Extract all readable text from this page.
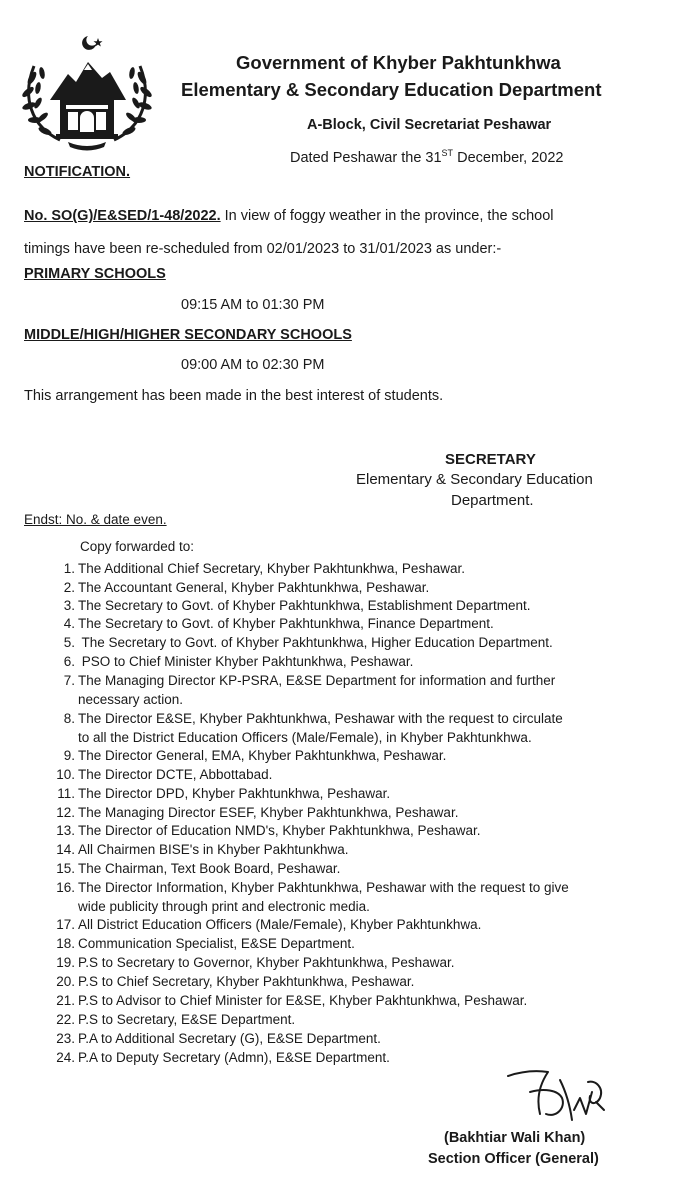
Government of Khyber Pakhtunkhwa
Elementary & Secondary Education Department
A-Block, Civil Secretariat Peshawar
Dated Peshawar the 31ST December, 2022
NOTIFICATION.
No. SO(G)/E&SED/1-48/2022. In view of foggy weather in the province, the school
timings have been re-scheduled from 02/01/2023 to 31/01/2023 as under:-
PRIMARY SCHOOLS
09:15 AM to 01:30 PM
MIDDLE/HIGH/HIGHER SECONDARY SCHOOLS
09:00 AM to 02:30 PM
This arrangement has been made in the best interest of students.
SECRETARY
Elementary & Secondary Education
Department.
Endst: No. & date even.
Copy forwarded to:
1. The Additional Chief Secretary, Khyber Pakhtunkhwa, Peshawar.
2. The Accountant General, Khyber Pakhtunkhwa, Peshawar.
3. The Secretary to Govt. of Khyber Pakhtunkhwa, Establishment Department.
4. The Secretary to Govt. of Khyber Pakhtunkhwa, Finance Department.
5. The Secretary to Govt. of Khyber Pakhtunkhwa, Higher Education Department.
6. PSO to Chief Minister Khyber Pakhtunkhwa, Peshawar.
7. The Managing Director KP-PSRA, E&SE Department for information and further
necessary action.
8. The Director E&SE, Khyber Pakhtunkhwa, Peshawar with the request to circulate
to all the District Education Officers (Male/Female), in Khyber Pakhtunkhwa.
9. The Director General, EMA, Khyber Pakhtunkhwa, Peshawar.
10. The Director DCTE, Abbottabad.
11. The Director DPD, Khyber Pakhtunkhwa, Peshawar.
12. The Managing Director ESEF, Khyber Pakhtunkhwa, Peshawar.
13. The Director of Education NMD's, Khyber Pakhtunkhwa, Peshawar.
14. All Chairmen BISE's in Khyber Pakhtunkhwa.
15. The Chairman, Text Book Board, Peshawar.
16. The Director Information, Khyber Pakhtunkhwa, Peshawar with the request to give
wide publicity through print and electronic media.
17. All District Education Officers (Male/Female), Khyber Pakhtunkhwa.
18. Communication Specialist, E&SE Department.
19. P.S to Secretary to Governor, Khyber Pakhtunkhwa, Peshawar.
20. P.S to Chief Secretary, Khyber Pakhtunkhwa, Peshawar.
21. P.S to Advisor to Chief Minister for E&SE, Khyber Pakhtunkhwa, Peshawar.
22. P.S to Secretary, E&SE Department.
23. P.A to Additional Secretary (G), E&SE Department.
24. P.A to Deputy Secretary (Admn), E&SE Department.
(Bakhtiar Wali Khan)
Section Officer (General)
